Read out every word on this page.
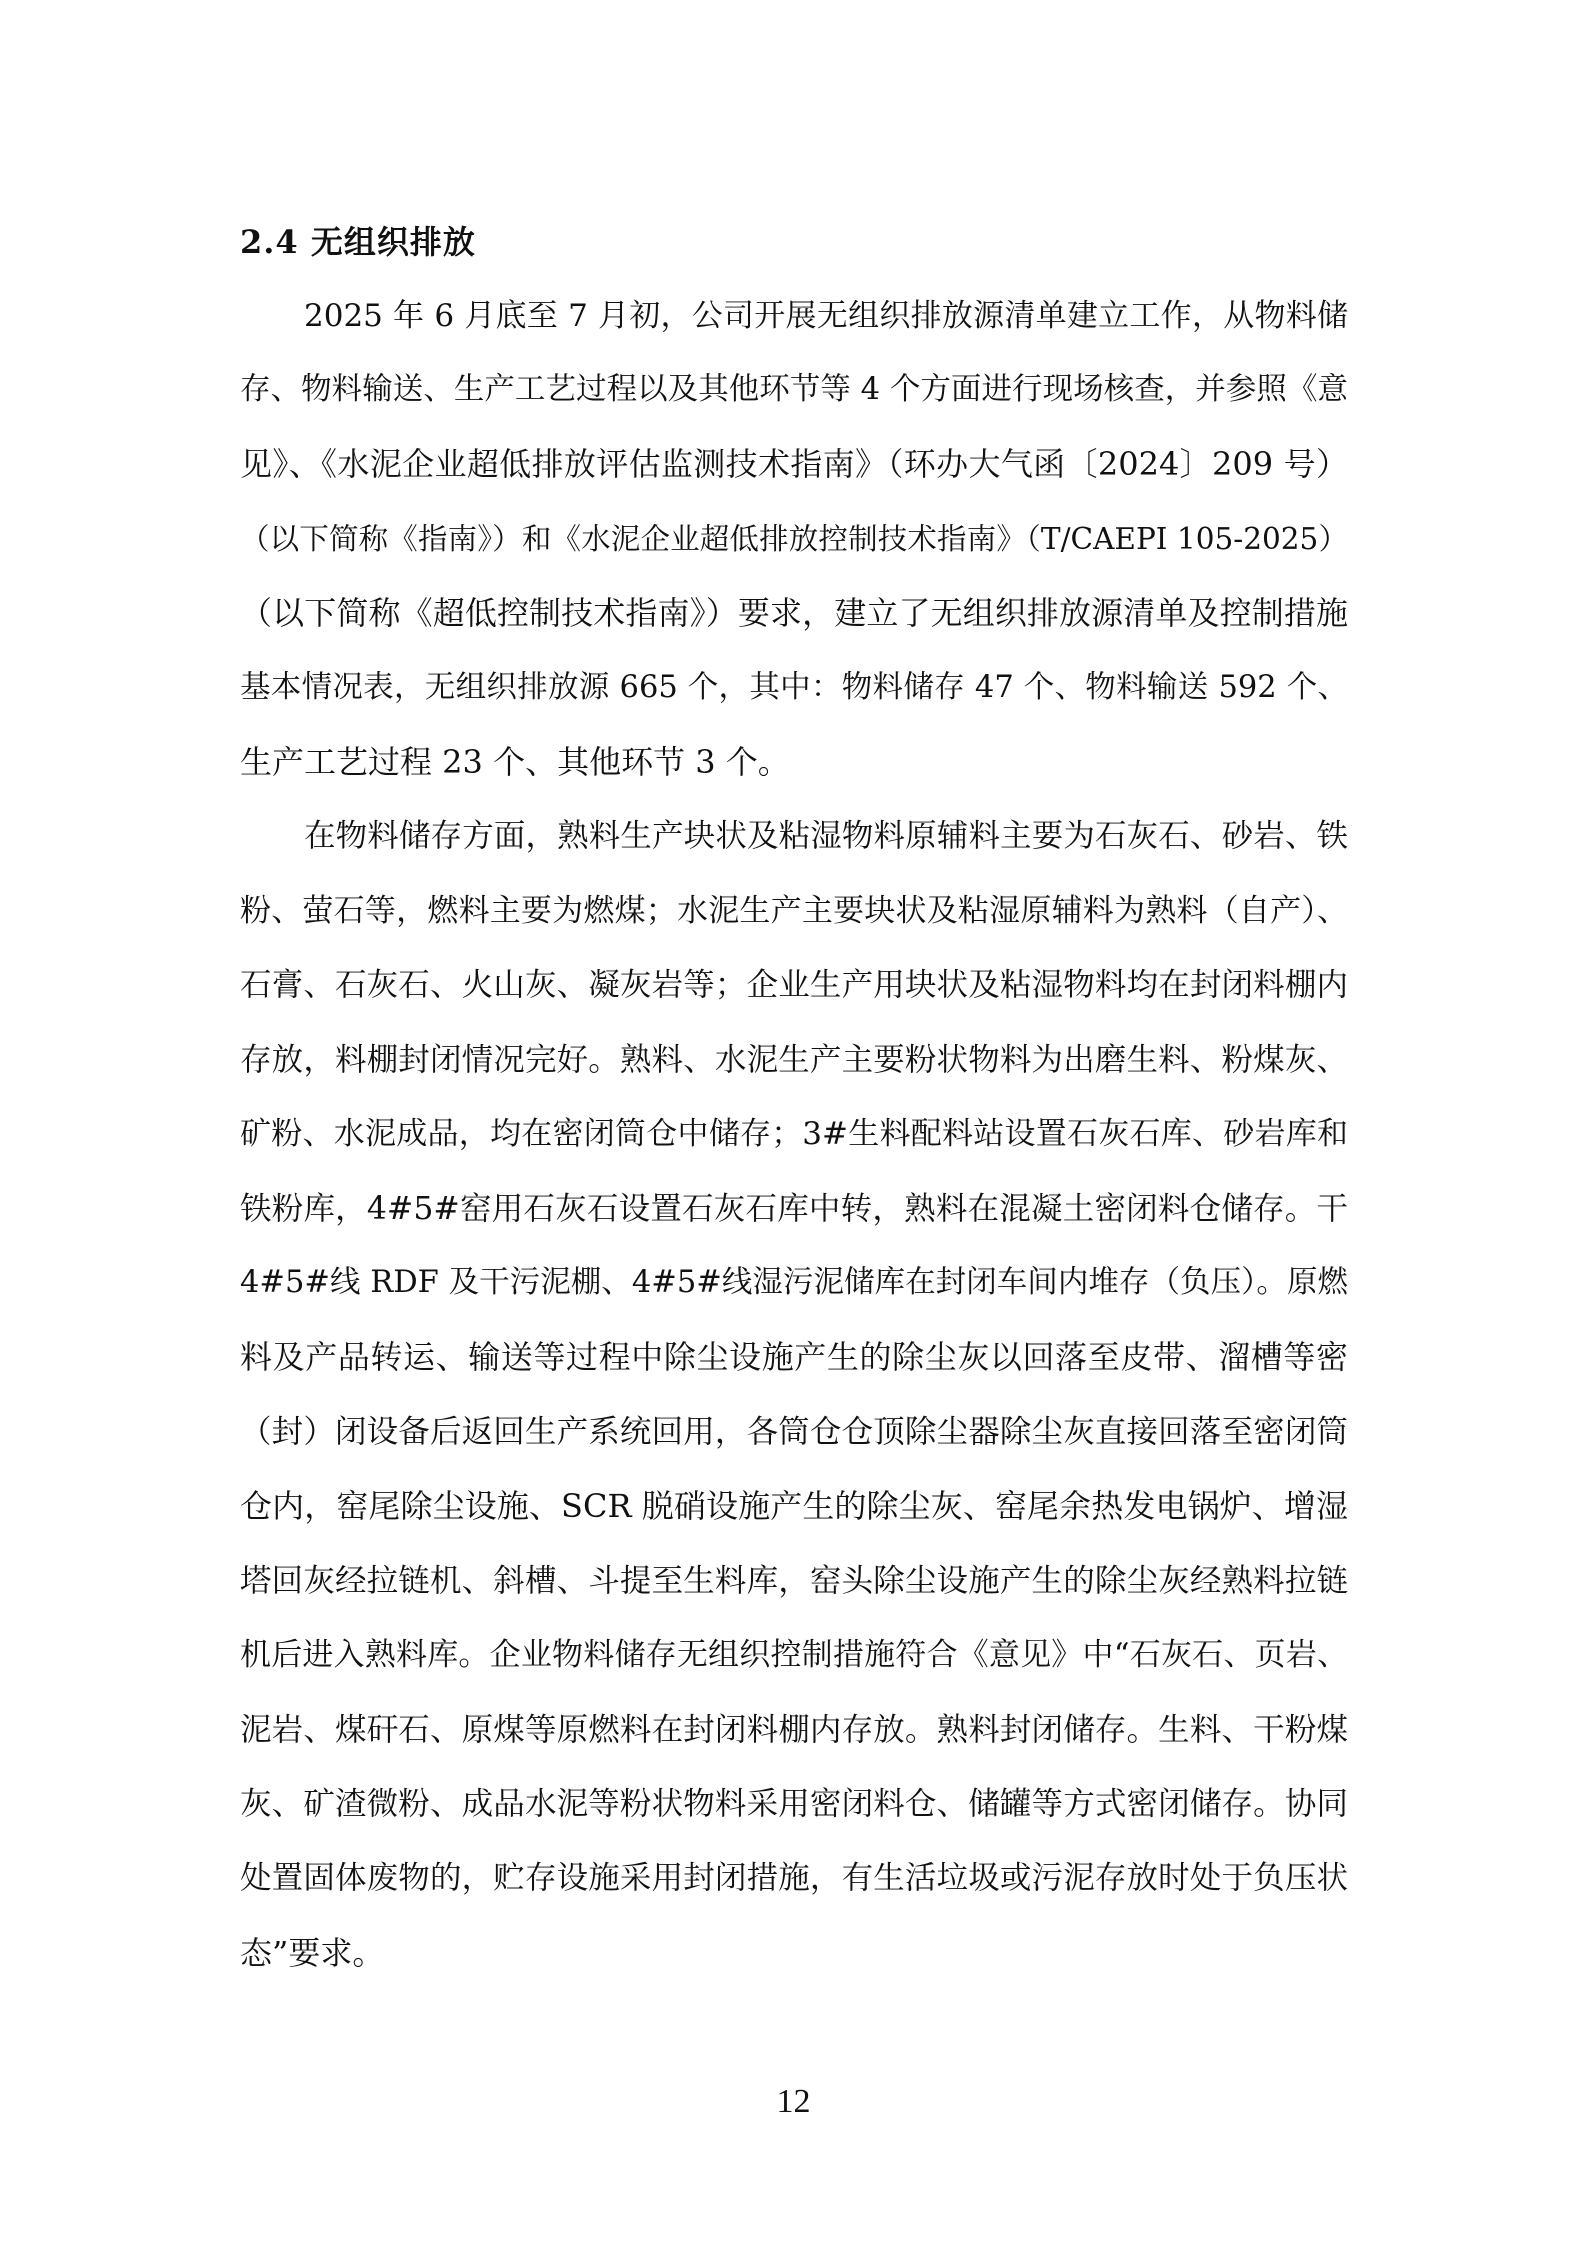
2.4 无组织排放
2025 年 6 月底至 7 月初，公司开展无组织排放源清单建立工作，从物料储
存、物料输送、生产工艺过程以及其他环节等 4 个方面进行现场核查，并参照《意
见》、《水泥企业超低排放评估监测技术指南》（环办大气函〔2024〕209 号）
（以下简称《指南》）和《水泥企业超低排放控制技术指南》（T/CAEPI 105-2025）
（以下简称《超低控制技术指南》）要求，建立了无组织排放源清单及控制措施
基本情况表，无组织排放源 665 个，其中：物料储存 47 个、物料输送 592 个、
生产工艺过程 23 个、其他环节 3 个。
在物料储存方面，熟料生产块状及粘湿物料原辅料主要为石灰石、砂岩、铁
粉、萤石等，燃料主要为燃煤；水泥生产主要块状及粘湿原辅料为熟料（自产）、
石膏、石灰石、火山灰、凝灰岩等；企业生产用块状及粘湿物料均在封闭料棚内
存放，料棚封闭情况完好。熟料、水泥生产主要粉状物料为出磨生料、粉煤灰、
矿粉、水泥成品，均在密闭筒仓中储存；3#生料配料站设置石灰石库、砂岩库和
铁粉库，4#5#窑用石灰石设置石灰石库中转，熟料在混凝土密闭料仓储存。干
4#5#线 RDF 及干污泥棚、4#5#线湿污泥储库在封闭车间内堆存（负压）。原燃
料及产品转运、输送等过程中除尘设施产生的除尘灰以回落至皮带、溜槽等密
（封）闭设备后返回生产系统回用，各筒仓仓顶除尘器除尘灰直接回落至密闭筒
仓内，窑尾除尘设施、SCR 脱硝设施产生的除尘灰、窑尾余热发电锅炉、增湿
塔回灰经拉链机、斜槽、斗提至生料库，窑头除尘设施产生的除尘灰经熟料拉链
机后进入熟料库。企业物料储存无组织控制措施符合《意见》中“石灰石、页岩、
泥岩、煤矸石、原煤等原燃料在封闭料棚内存放。熟料封闭储存。生料、干粉煤
灰、矿渣微粉、成品水泥等粉状物料采用密闭料仓、储罐等方式密闭储存。协同
处置固体废物的，贮存设施采用封闭措施，有生活垃圾或污泥存放时处于负压状
态”要求。
12
